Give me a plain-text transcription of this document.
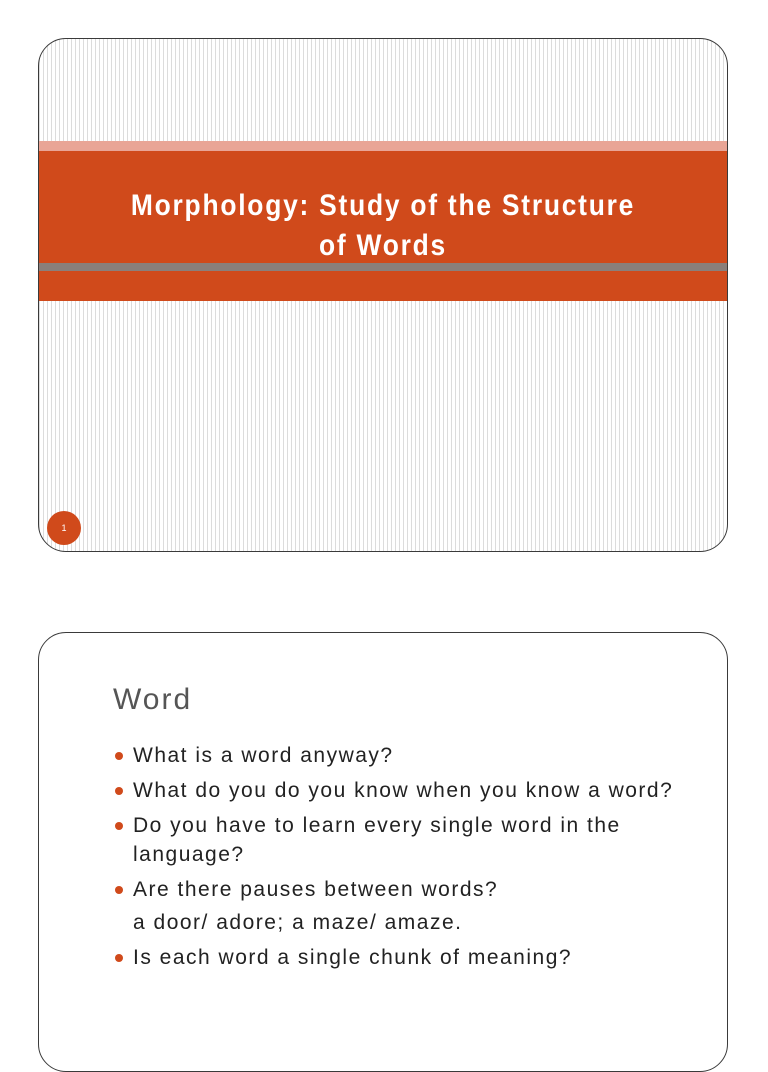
Morphology: Study of the Structure of Words
1
Word
What is a word anyway?
What do you do you know when you know a word?
Do you have to learn every single word in the language?
Are there pauses between words?
a door/ adore; a maze/ amaze.
Is each word a single chunk of meaning?
